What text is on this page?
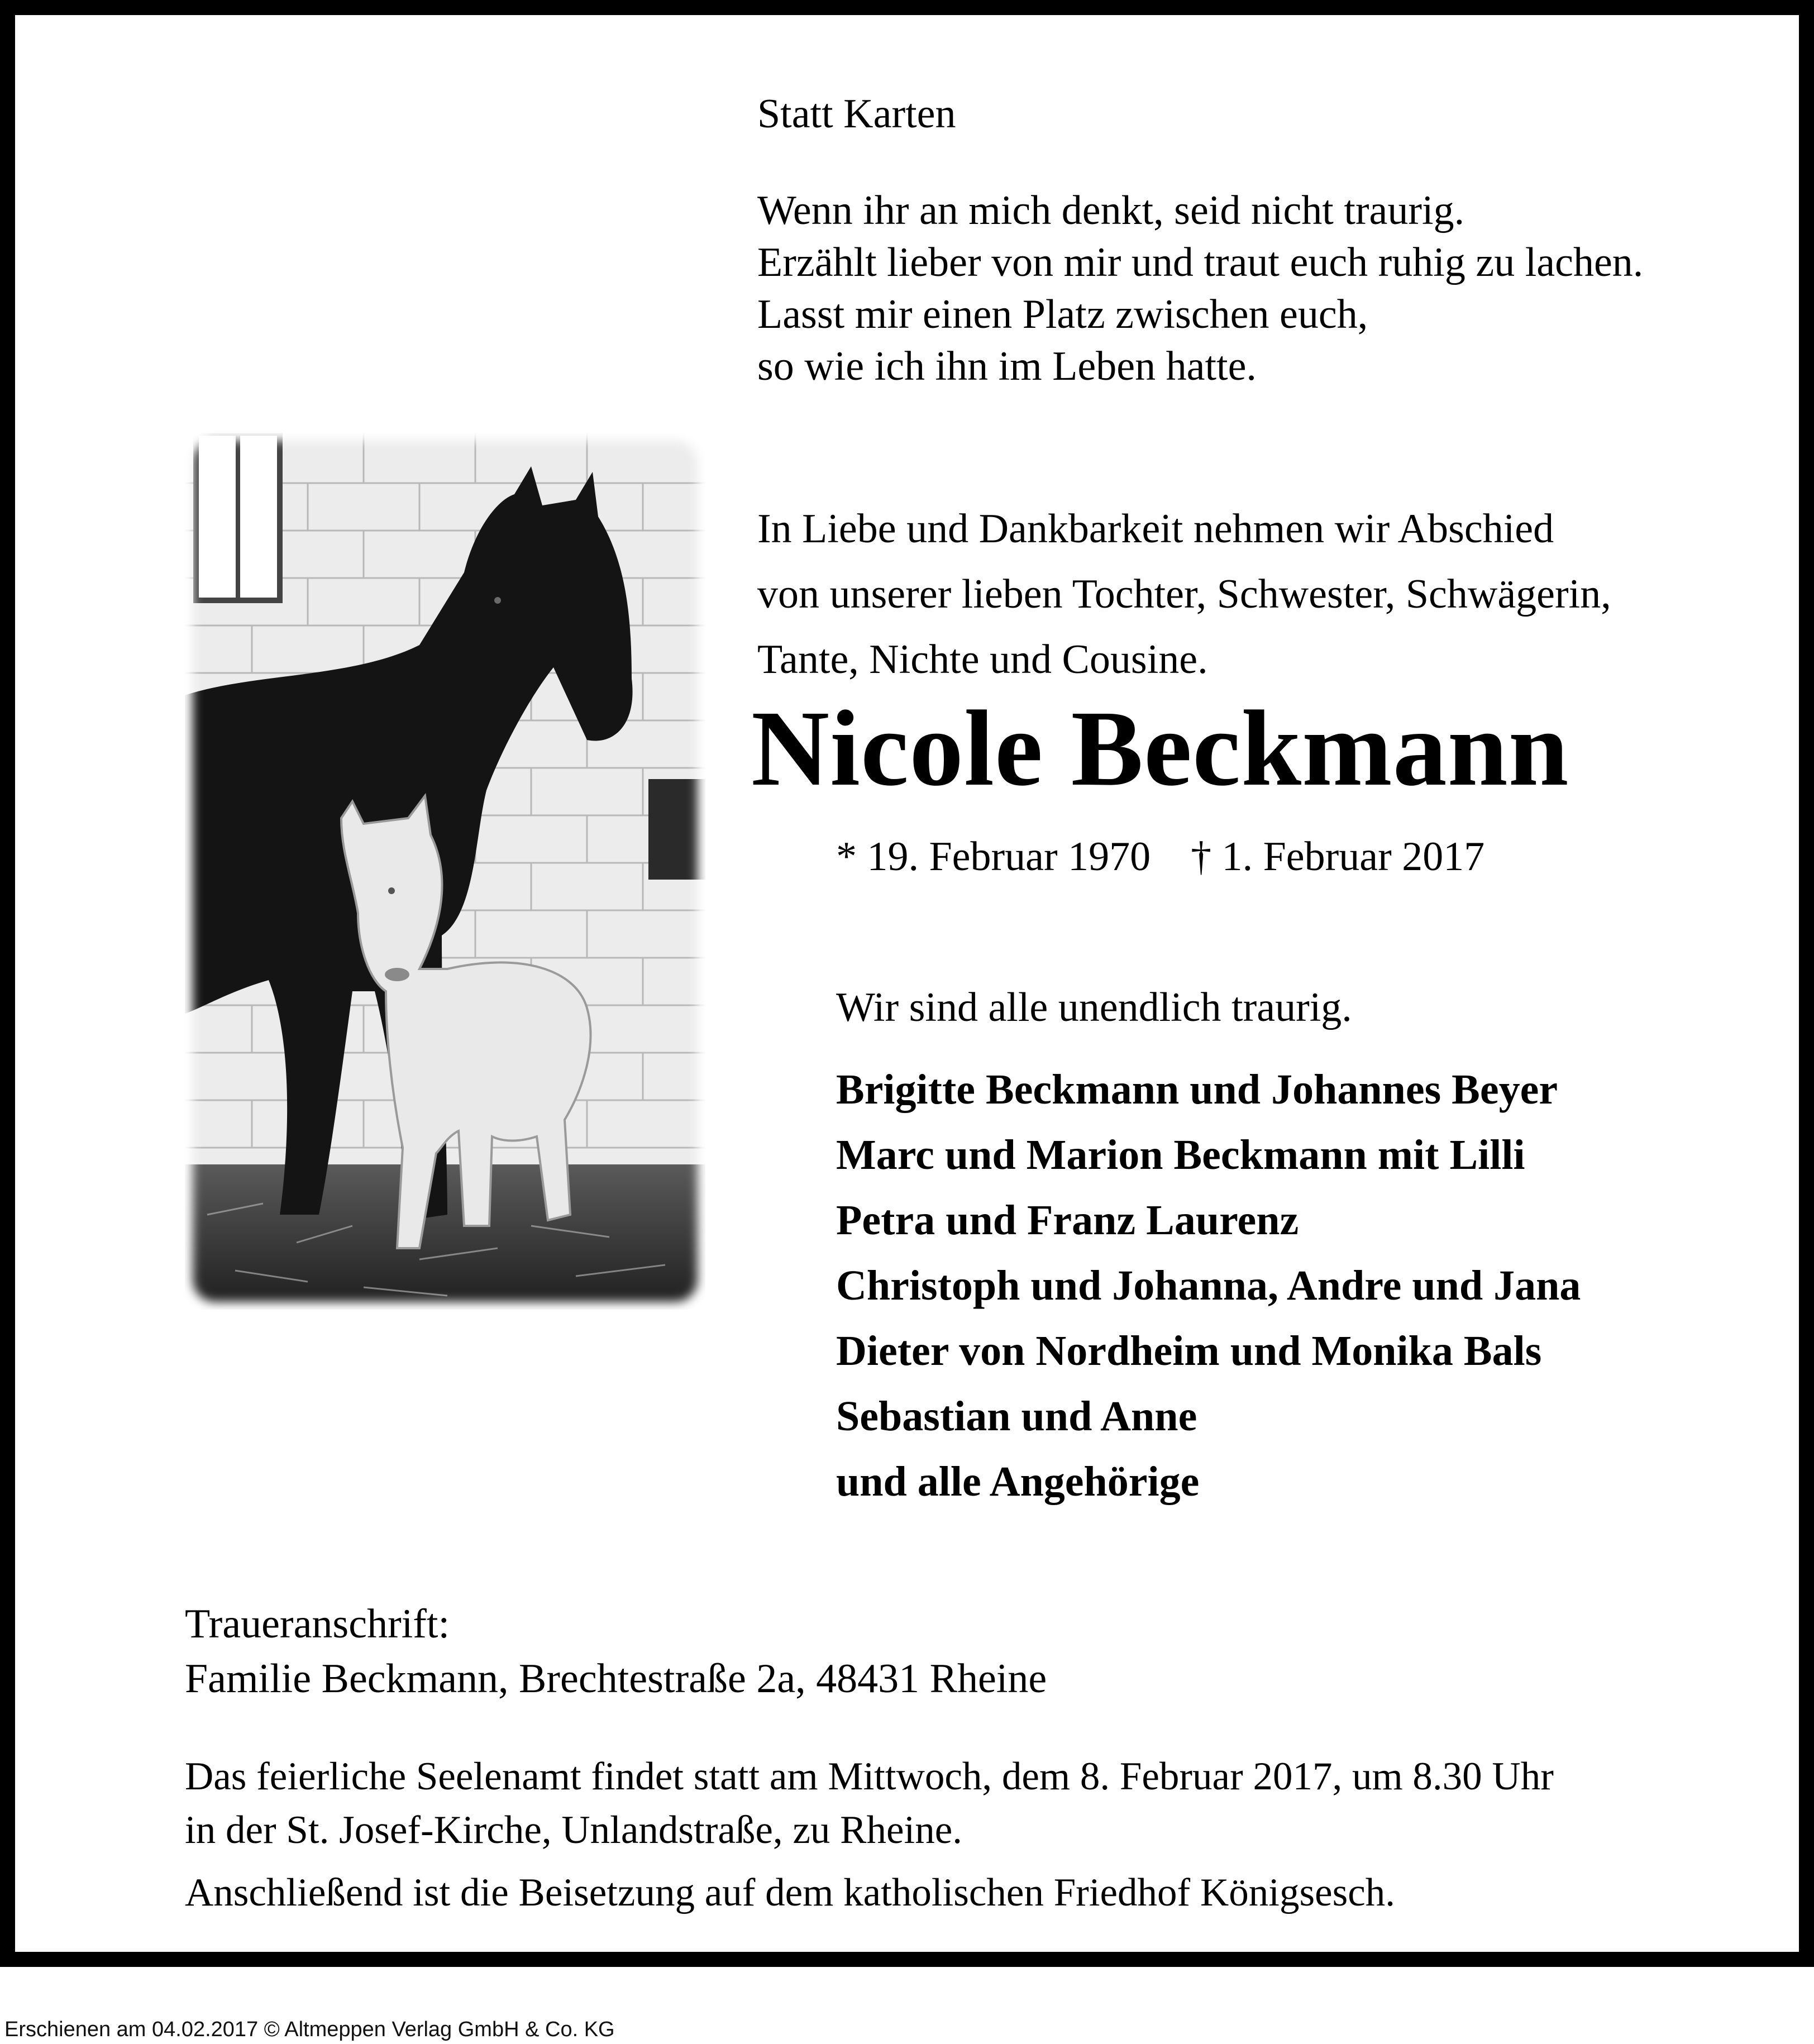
Statt Karten

Wenn ihr an mich denkt, seid nicht traurig.
Erzählt lieber von mir und traut euch ruhig zu lachen.
Lasst mir einen Platz zwischen euch,
so wie ich ihn im Leben hatte.
In Liebe und Dankbarkeit nehmen wir Abschied
von unserer lieben Tochter, Schwester, Schwägerin,
Tante, Nichte und Cousine.

Nicole Beckmann

* 19. Februar 1970 † 1. Februar 2017

Wir sind alle unendlich traurig.

Brigitte Beckmann und Johannes Beyer
Marc und Marion Beckmann mit Lilli
Petra und Franz Laurenz
Christoph und Johanna, Andre und Jana
Dieter von Nordheim und Monika Bals
Sebastian und Anne
und alle Angehörige
Traueranschrift:
Familie Beckmann, Brechtestraße 2a, 48431 Rheine
Das feierliche Seelenamt findet statt am Mittwoch, dem 8. Februar 2017, um 8.30 Uhr
in der St. Josef-Kirche, Unlandstraße, zu Rheine.
Anschließend ist die Beisetzung auf dem katholischen Friedhof Königsesch.

Erschienen am 04.02.2017 © Altmeppen Verlag GmbH & Co. KG
